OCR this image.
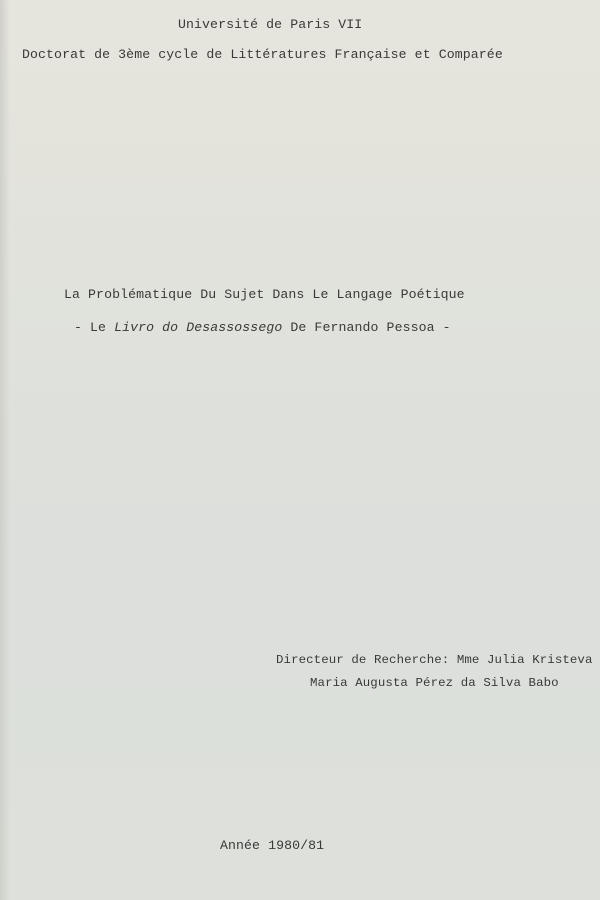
Université de Paris VII
Doctorat de 3ème cycle de Littératures Française et Comparée
La Problématique Du Sujet Dans Le Langage Poétique
- Le Livro do Desassossego De Fernando Pessoa -
Directeur de Recherche: Mme Julia Kristeva
Maria Augusta Pérez da Silva Babo
Année 1980/81
